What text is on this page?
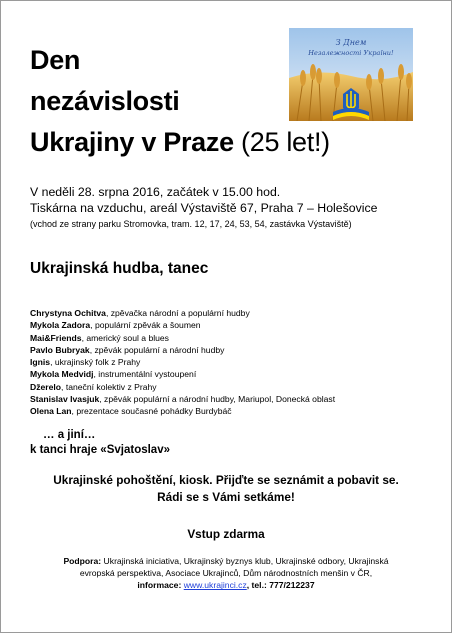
Den
nezávislosti
Ukrajiny v Praze (25 let!)
З Днем
Незалежності України!
V neděli 28. srpna 2016, začátek v 15.00 hod.
Tiskárna na vzduchu, areál Výstaviště 67, Praha 7 – Holešovice
(vchod ze strany parku Stromovka, tram. 12, 17, 24, 53, 54, zastávka Výstaviště)
Ukrajinská hudba, tanec
Chrystyna Ochitva, zpěvačka národní a populární hudby
Mykola Zadora, populární zpěvák a šoumen
Mai&Friends, americký soul a blues
Pavlo Bubryak, zpěvák populární a národní hudby
Ignis, ukrajinský folk z Prahy
Mykola Medvidj, instrumentální vystoupení
Džerelo, taneční kolektiv z Prahy
Stanislav Ivasjuk, zpěvák populární a národní hudby, Mariupol, Donecká oblast
Olena Lan, prezentace současné pohádky Burdybáč
… a jiní…
k tanci hraje «Svjatoslav»
Ukrajinské pohoštění, kiosk. Přijďte se seznámit a pobavit se.
Rádi se s Vámi setkáme!
Vstup zdarma
Podpora: Ukrajinská iniciativa, Ukrajinský byznys klub, Ukrajinské odbory, Ukrajinská
evropská perspektiva, Asociace Ukrajinců, Dům národnostních menšin v ČR,
informace: www.ukrajinci.cz, tel.: 777/212237
